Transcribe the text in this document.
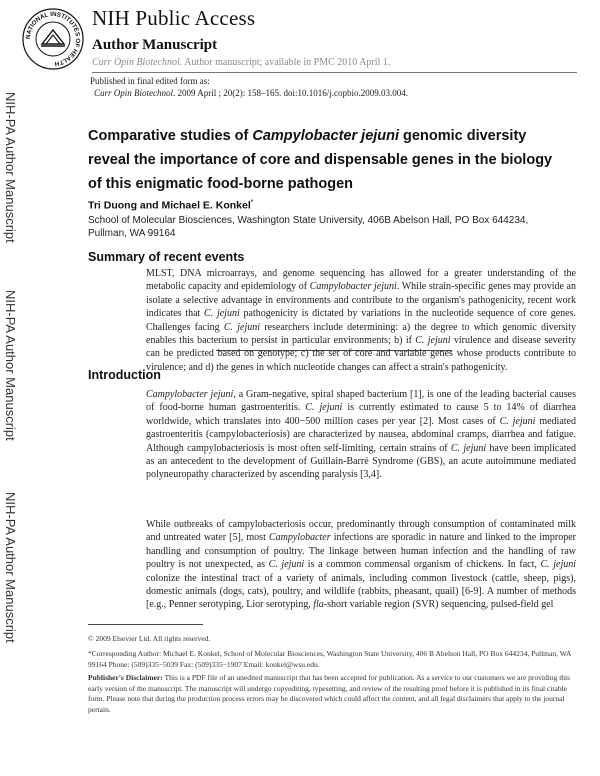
NATIONAL INSTITUTES OF HEALTH
NIH Public Access
Author Manuscript
Curr Opin Biotechnol. Author manuscript; available in PMC 2010 April 1.
Published in final edited form as:
Curr Opin Biotechnol. 2009 April ; 20(2): 158–165. doi:10.1016/j.copbio.2009.03.004.
NIH-PA Author Manuscript
NIH-PA Author Manuscript
NIH-PA Author Manuscript
Comparative studies of Campylobacter jejuni genomic diversity reveal the importance of core and dispensable genes in the biology of this enigmatic food-borne pathogen
Tri Duong and Michael E. Konkel*
School of Molecular Biosciences, Washington State University, 406B Abelson Hall, PO Box 644234, Pullman, WA 99164
Summary of recent events
MLST, DNA microarrays, and genome sequencing has allowed for a greater understanding of the metabolic capacity and epidemiology of Campylobacter jejuni. While strain-specific genes may provide an isolate a selective advantage in environments and contribute to the organism's pathogenicity, recent work indicates that C. jejuni pathogenicity is dictated by variations in the nucleotide sequence of core genes. Challenges facing C. jejuni researchers include determining: a) the degree to which genomic diversity enables this bacterium to persist in particular environments; b) if C. jejuni virulence and disease severity can be predicted based on genotype; c) the set of core and variable genes whose products contribute to virulence; and d) the genes in which nucleotide changes can affect a strain's pathogenicity.
Introduction
Campylobacter jejuni, a Gram-negative, spiral shaped bacterium [1], is one of the leading bacterial causes of food-borne human gastroenteritis. C. jejuni is currently estimated to cause 5 to 14% of diarrhea worldwide, which translates into 400−500 million cases per year [2]. Most cases of C. jejuni mediated gastroenteritis (campylobacteriosis) are characterized by nausea, abdominal cramps, diarrhea and fatigue. Although campylobacteriosis is most often self-limiting, certain strains of C. jejuni have been implicated as an antecedent to the development of Guillain-Barré Syndrome (GBS), an acute autoimmune mediated polyneuropathy characterized by ascending paralysis [3,4].
While outbreaks of campylobacteriosis occur, predominantly through consumption of contaminated milk and untreated water [5], most Campylobacter infections are sporadic in nature and linked to the improper handling and consumption of poultry. The linkage between human infection and the handling of raw poultry is not unexpected, as C. jejuni is a common commensal organism of chickens. In fact, C. jejuni colonize the intestinal tract of a variety of animals, including common livestock (cattle, sheep, pigs), domestic animals (dogs, cats), poultry, and wildlife (rabbits, pheasant, quail) [6-9]. A number of methods [e.g., Penner serotyping, Lior serotyping, fla-short variable region (SVR) sequencing, pulsed-field gel
© 2009 Elsevier Ltd. All rights reserved.
*Corresponding Author: Michael E. Konkel, School of Molecular Biosciences, Washington State University, 406 B Abelson Hall, PO Box 644234, Pullman, WA 99164 Phone: (509)335−5039 Fax: (509)335−1907 Email: konkel@wsu.edu.
Publisher's Disclaimer: This is a PDF file of an unedited manuscript that has been accepted for publication. As a service to our customers we are providing this early version of the manuscript. The manuscript will undergo copyediting, typesetting, and review of the resulting proof before it is published in its final citable form. Please note that during the production process errors may be discovered which could affect the content, and all legal disclaimers that apply to the journal pertain.
